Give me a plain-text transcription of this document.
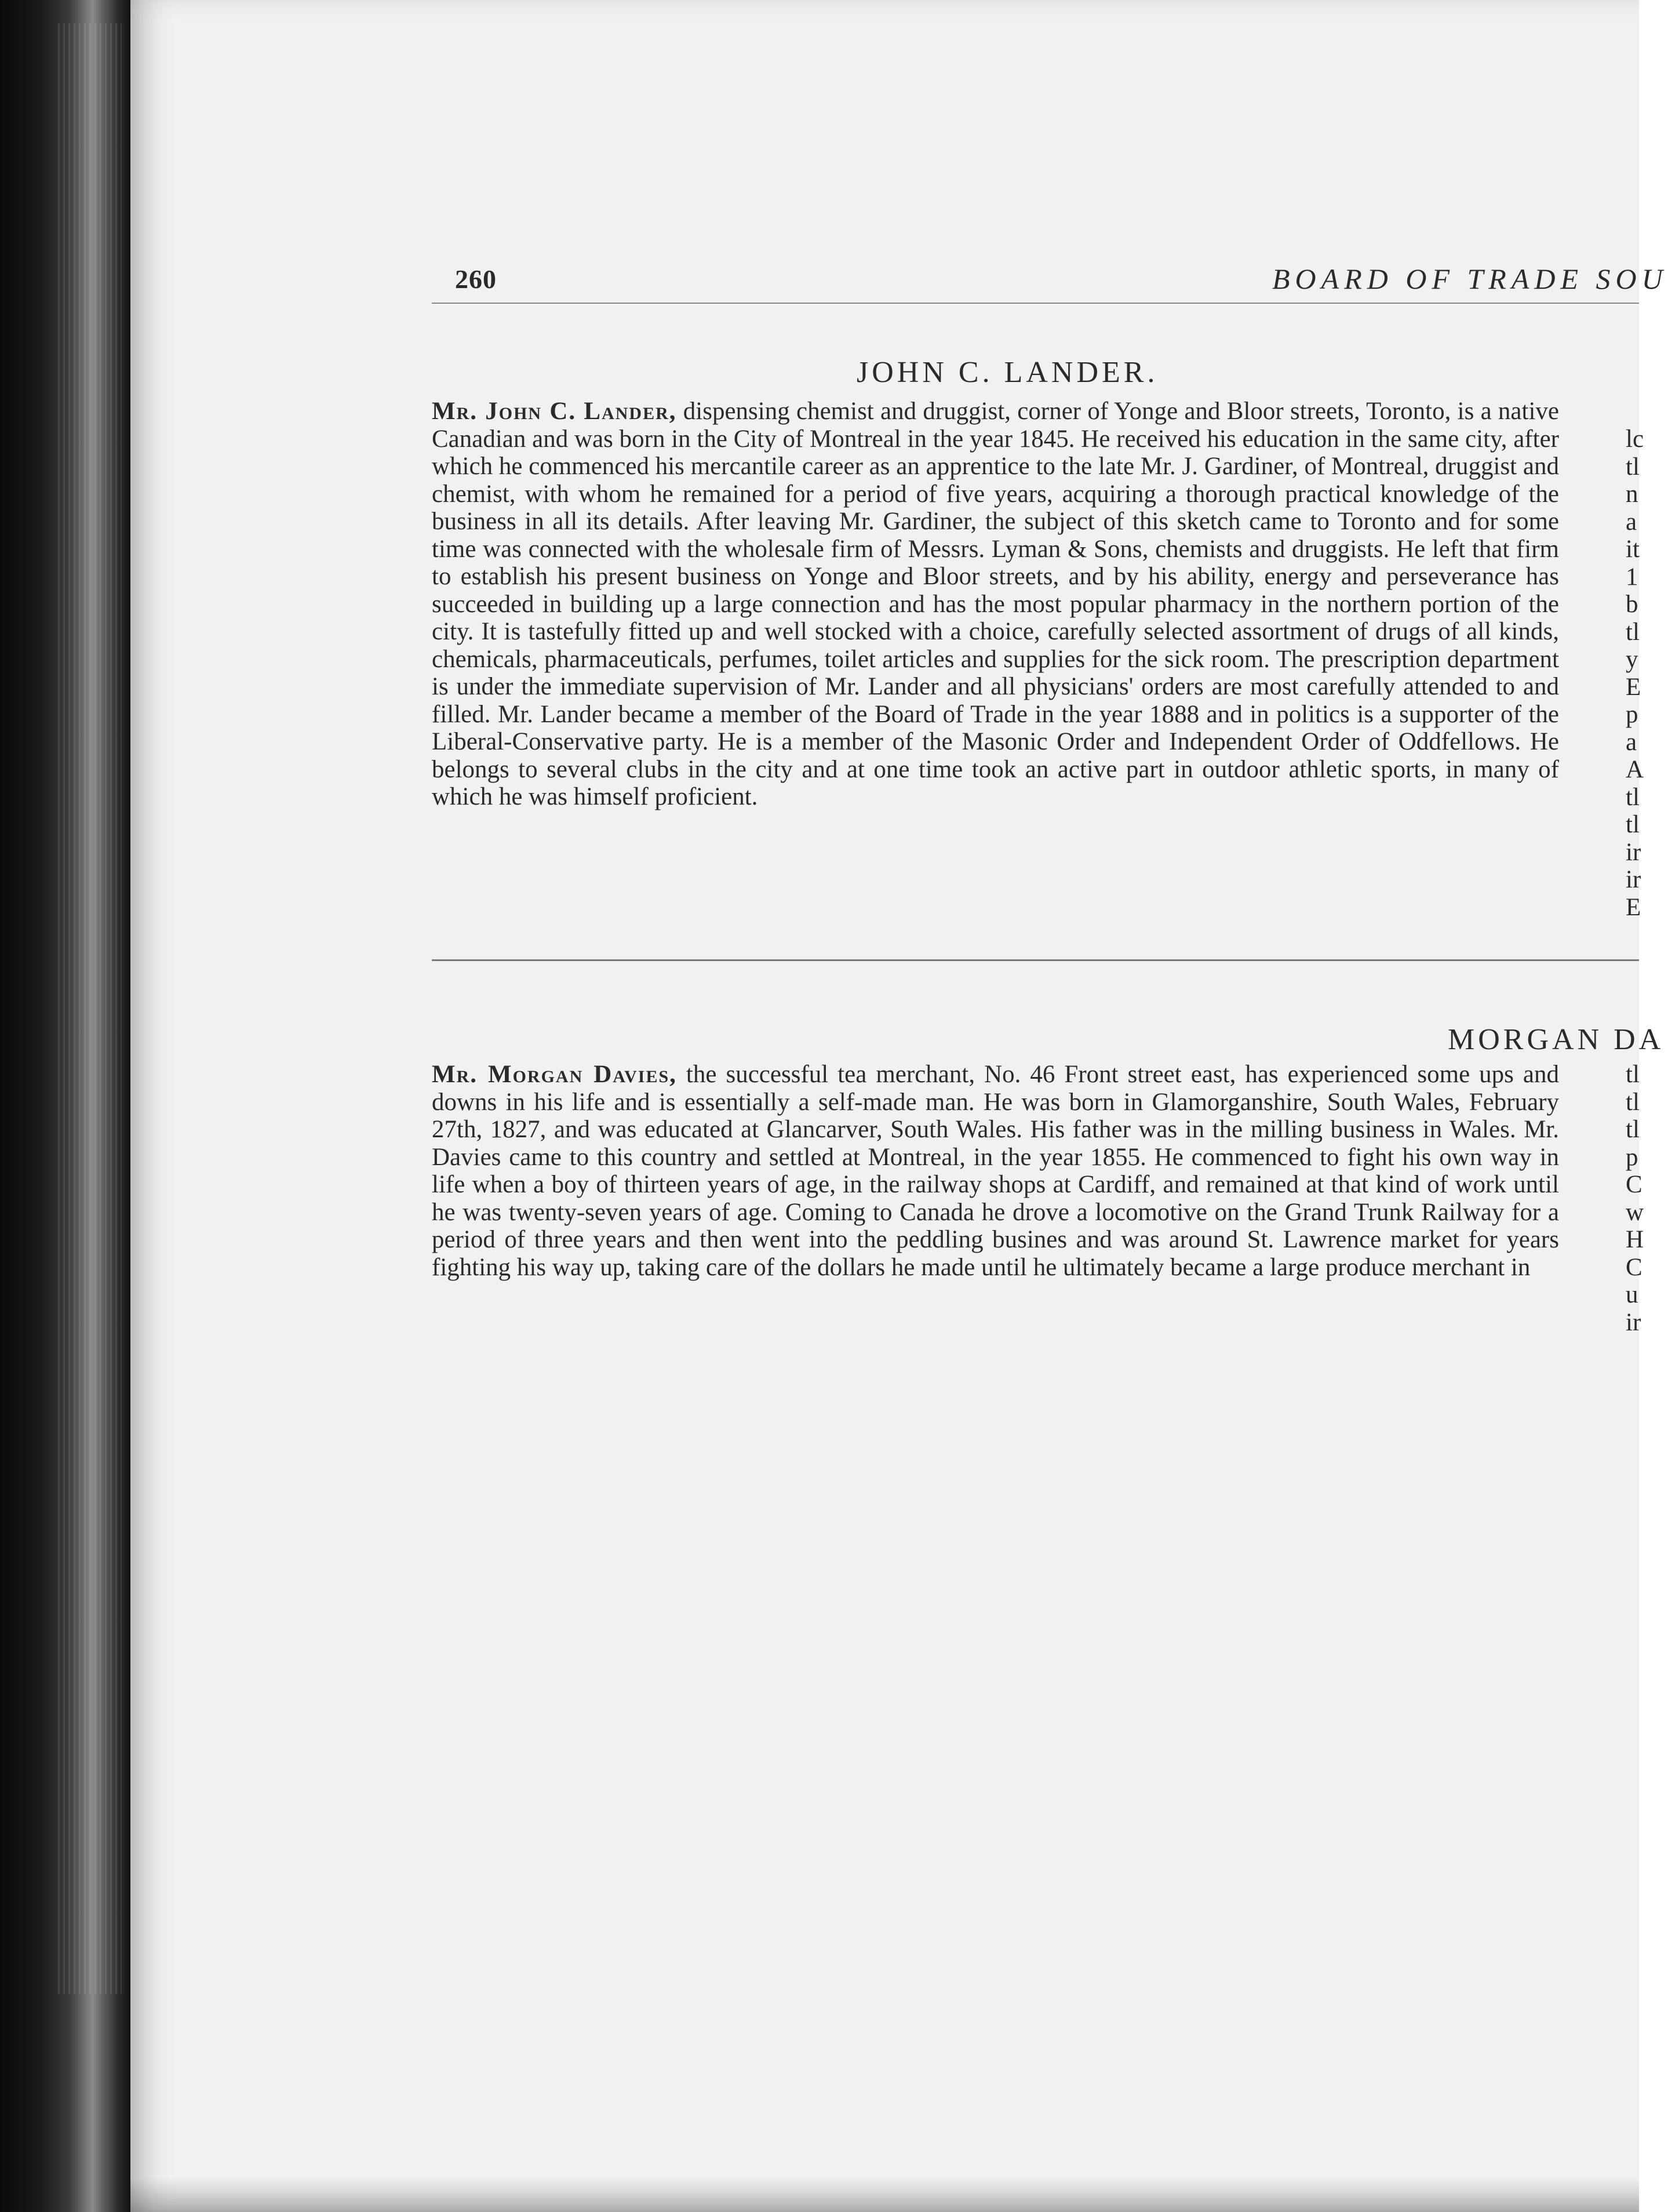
260	BOARD OF TRADE SOU
JOHN C. LANDER.

Mr. John C. Lander, dispensing chemist and druggist, corner of Yonge and Bloor streets, Toronto, is a native Canadian and was born in the City of Montreal in the year 1845. He received his education in the same city, after which he commenced his mercantile career as an apprentice to the late Mr. J. Gardiner, of Montreal, druggist and chemist, with whom he remained for a period of five years, acquiring a thorough practical knowledge of the business in all its details. After leaving Mr. Gardiner, the subject of this sketch came to Toronto and for some time was connected with the wholesale firm of Messrs. Lyman & Sons, chemists and druggists. He left that firm to establish his present business on Yonge and Bloor streets, and by his ability, energy and perseverance has succeeded in building up a large connection and has the most popular pharmacy in the northern portion of the city. It is tastefully fitted up and well stocked with a choice, carefully selected assortment of drugs of all kinds, chemicals, pharmaceuticals, perfumes, toilet articles and supplies for the sick room. The prescription department is under the immediate supervision of Mr. Lander and all physicians' orders are most carefully attended to and filled. Mr. Lander became a member of the Board of Trade in the year 1888 and in politics is a supporter of the Liberal-Conservative party. He is a member of the Masonic Order and Independent Order of Oddfellows. He belongs to several clubs in the city and at one time took an active part in outdoor athletic sports, in many of which he was himself proficient.

lc
tl
n
a
it
1
b
tl
y
E
p
a
A
tl
tl
ir
ir
E
MORGAN DA

Mr. Morgan Davies, the successful tea merchant, No. 46 Front street east, has experienced some ups and downs in his life and is essentially a self-made man. He was born in Glamorganshire, South Wales, February 27th, 1827, and was educated at Glancarver, South Wales. His father was in the milling business in Wales. Mr. Davies came to this country and settled at Montreal, in the year 1855. He commenced to fight his own way in life when a boy of thirteen years of age, in the railway shops at Cardiff, and remained at that kind of work until he was twenty-seven years of age. Coming to Canada he drove a locomotive on the Grand Trunk Railway for a period of three years and then went into the peddling busines and was around St. Lawrence market for years fighting his way up, taking care of the dollars he made until he ultimately became a large produce merchant in

tl
tl
tl
p
C
w
H
C
u
ir
